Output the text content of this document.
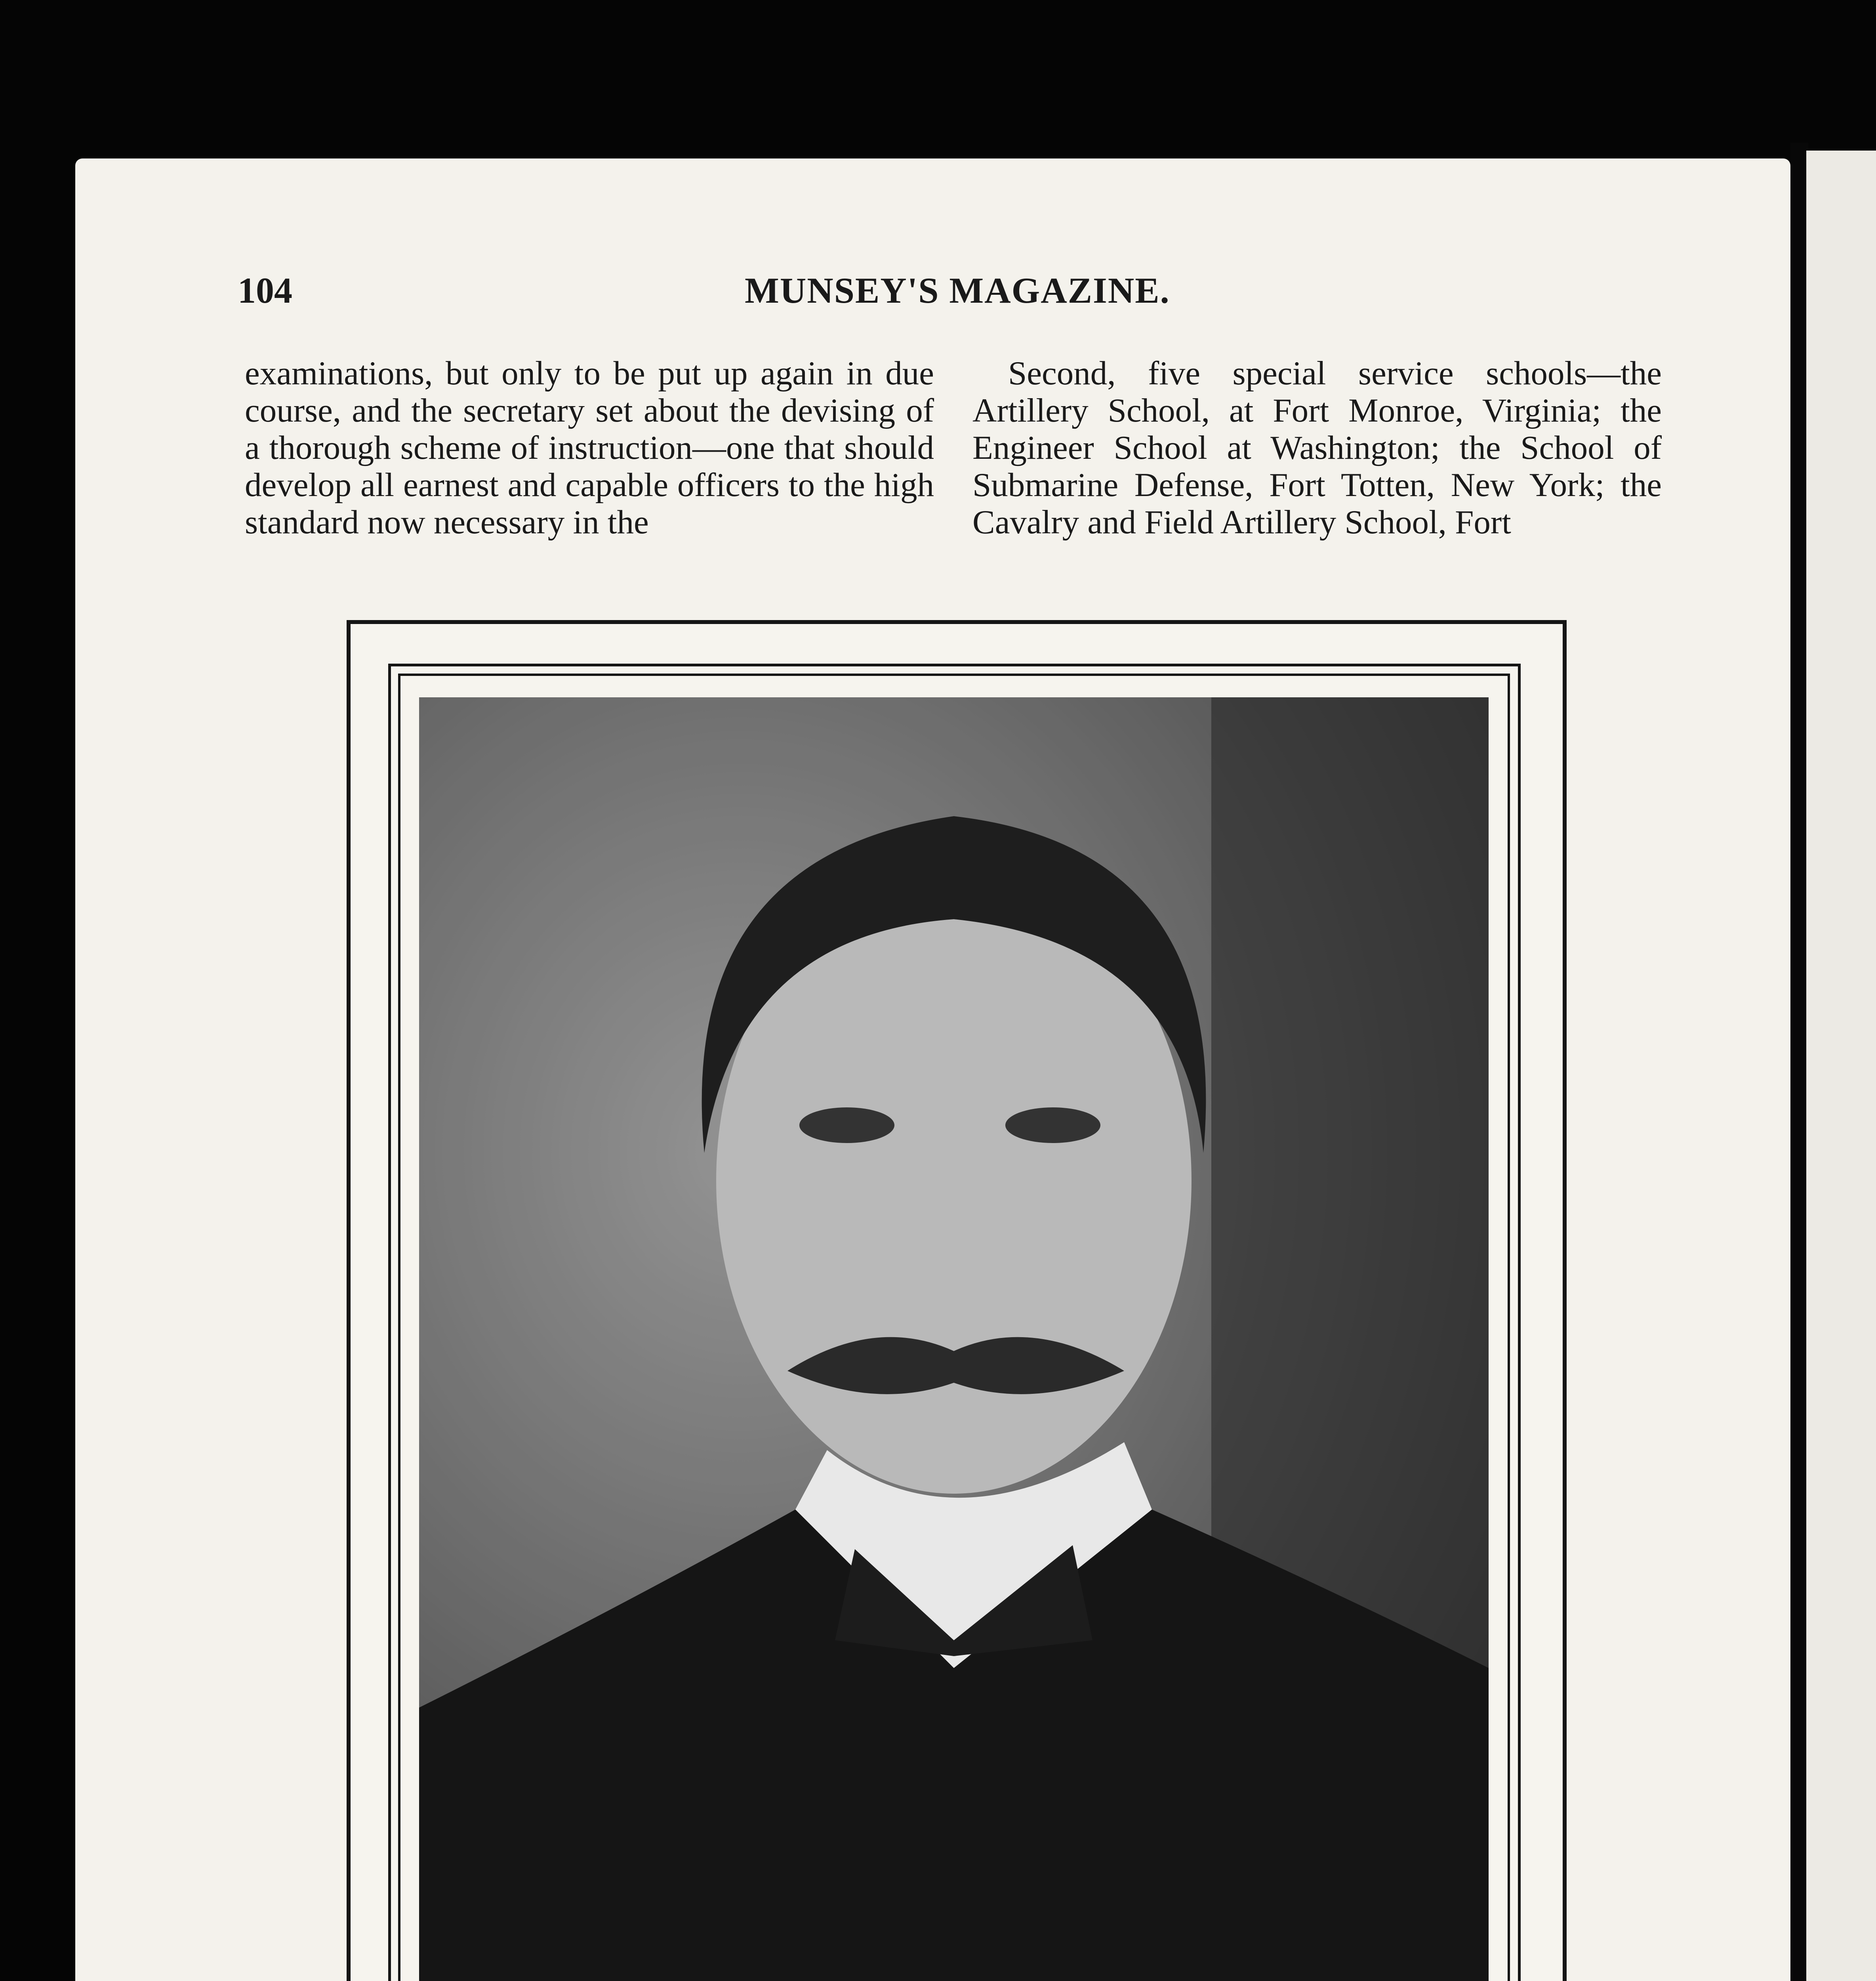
104	MUNSEY'S MAGAZINE.

examinations, but only to be put up again in due course, and the secretary set about the devising of a thorough scheme of instruction—one that should develop all earnest and capable officers to the high standard now necessary in the

Second, five special service schools—the Artillery School, at Fort Monroe, Virginia; the Engineer School at Washington; the School of Submarine Defense, Fort Totten, New York; the Cavalry and Field Artillery School, Fort
